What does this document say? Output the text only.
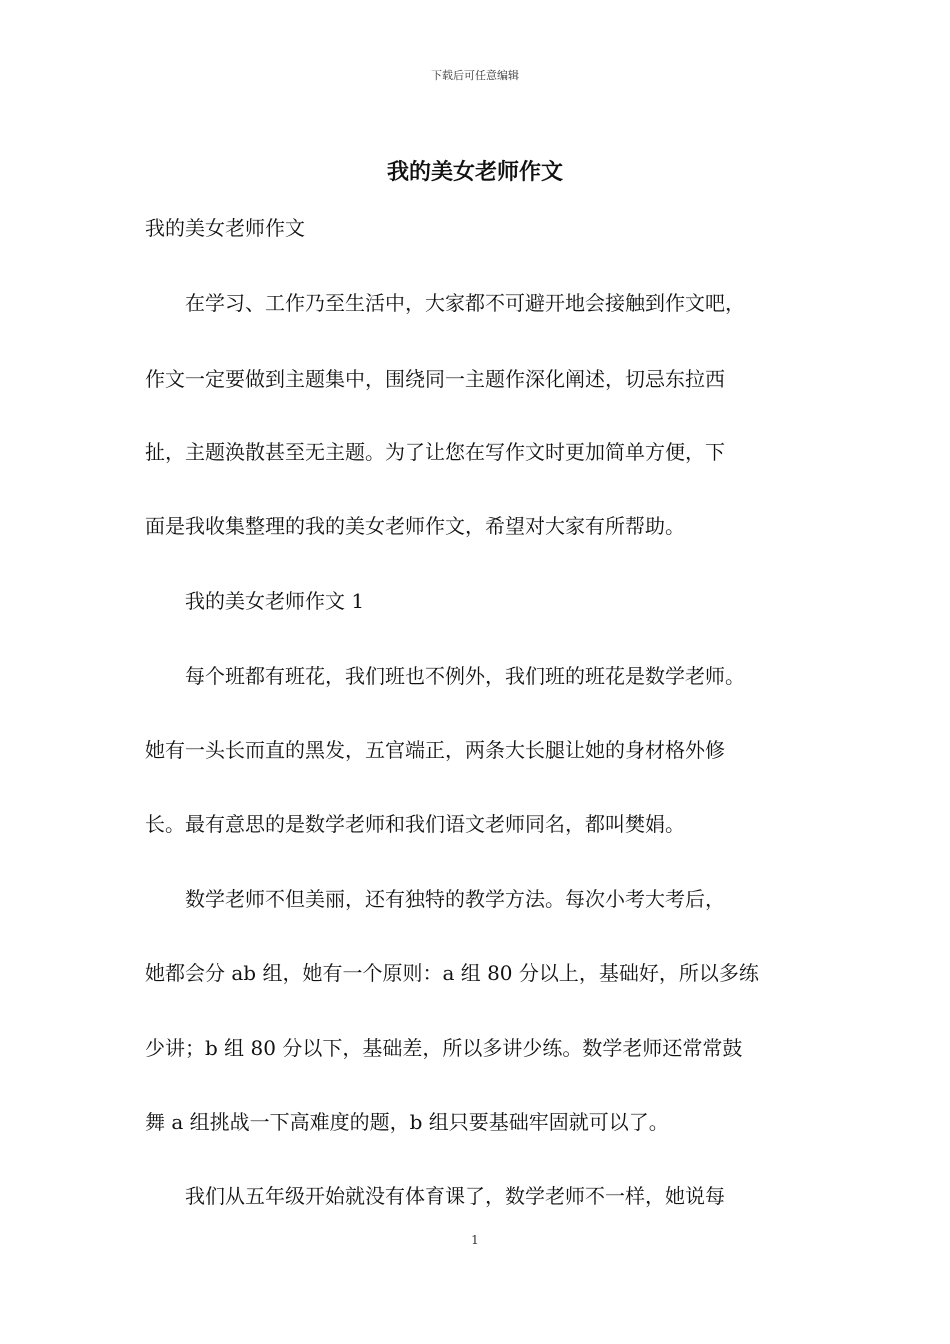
下载后可任意编辑
我的美女老师作文
我的美女老师作文
　　在学习、工作乃至生活中，大家都不可避开地会接触到作文吧，
作文一定要做到主题集中，围绕同一主题作深化阐述，切忌东拉西
扯，主题涣散甚至无主题。为了让您在写作文时更加简单方便，下
面是我收集整理的我的美女老师作文，希望对大家有所帮助。
　　我的美女老师作文 1
　　每个班都有班花，我们班也不例外，我们班的班花是数学老师。
她有一头长而直的黑发，五官端正，两条大长腿让她的身材格外修
长。最有意思的是数学老师和我们语文老师同名，都叫樊娟。
　　数学老师不但美丽，还有独特的教学方法。每次小考大考后，
她都会分 ab 组，她有一个原则：a 组 80 分以上，基础好，所以多练
少讲；b 组 80 分以下，基础差，所以多讲少练。数学老师还常常鼓
舞 a 组挑战一下高难度的题，b 组只要基础牢固就可以了。
　　我们从五年级开始就没有体育课了，数学老师不一样，她说每
1
